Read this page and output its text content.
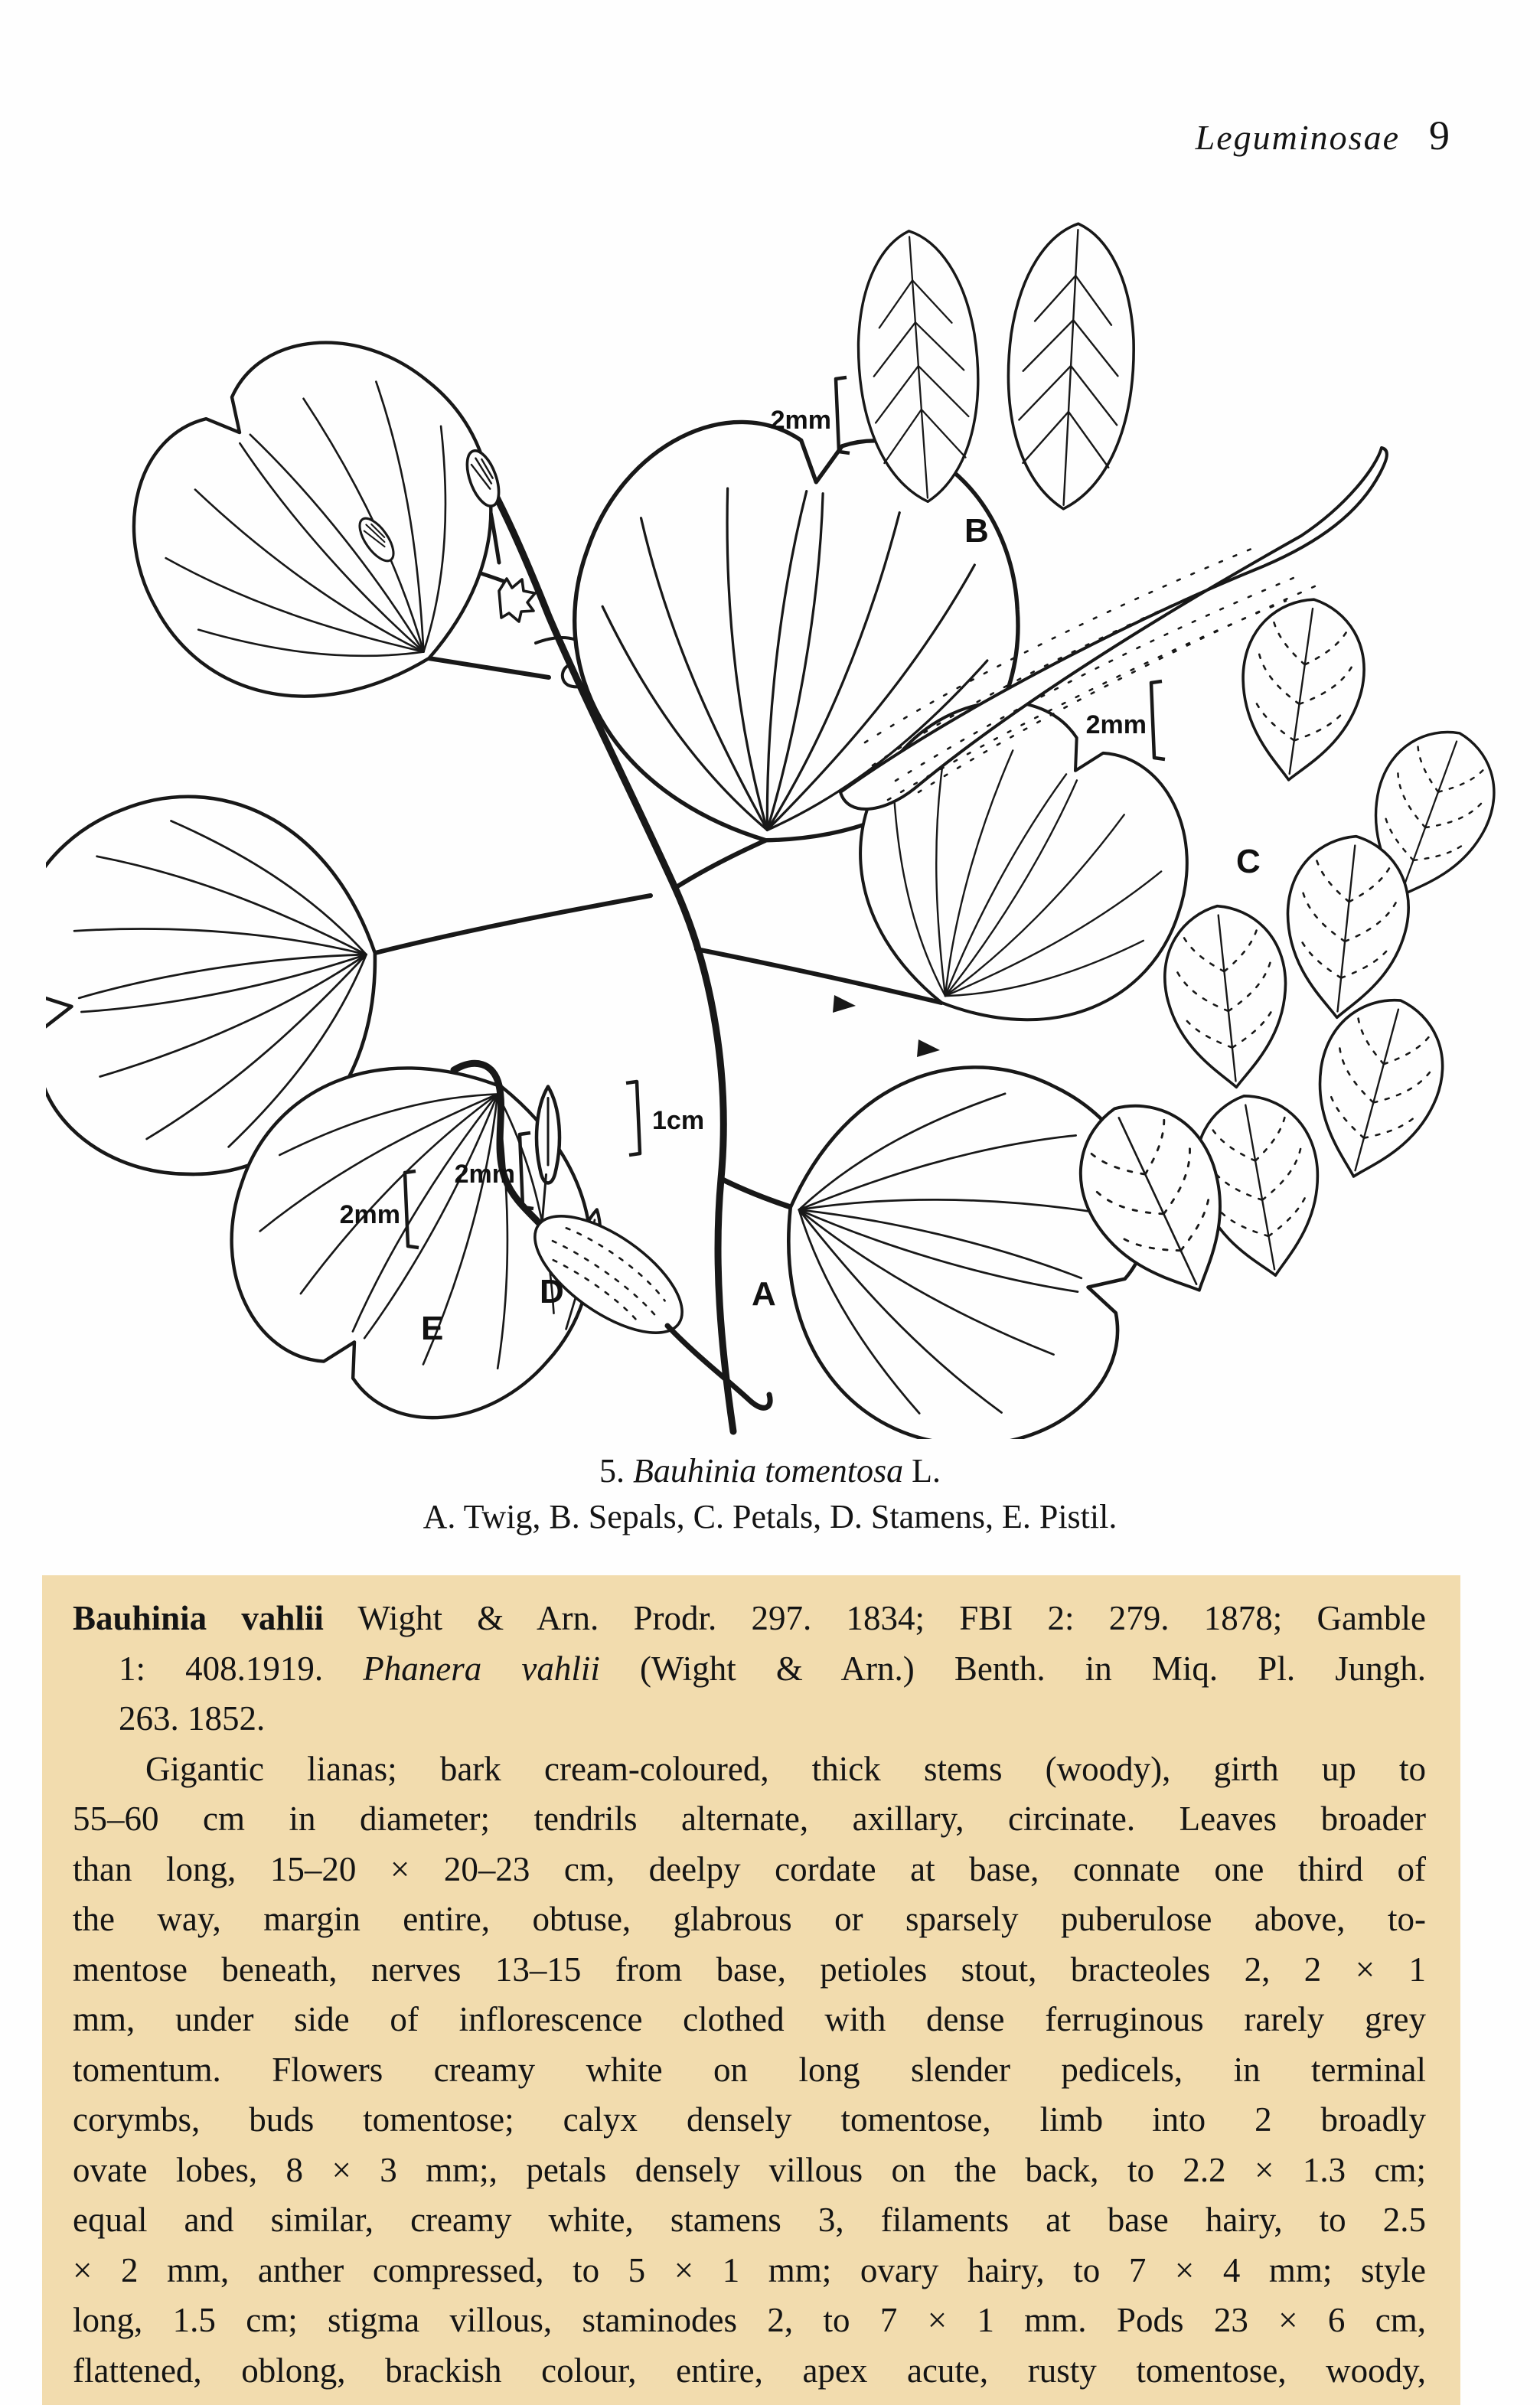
Leguminosae 9
2mm
2mm
1cm
2mm
2mm
A
B
C
D
E
5. Bauhinia tomentosa L.
A. Twig, B. Sepals, C. Petals, D. Stamens, E. Pistil.
Bauhinia vahlii Wight & Arn. Prodr. 297. 1834; FBI 2: 279. 1878; Gamble
1: 408.1919. Phanera vahlii (Wight & Arn.) Benth. in Miq. Pl. Jungh.
263. 1852.
Gigantic lianas; bark cream-coloured, thick stems (woody), girth up to
55–60 cm in diameter; tendrils alternate, axillary, circinate. Leaves broader
than long, 15–20 × 20–23 cm, deelpy cordate at base, connate one third of
the way, margin entire, obtuse, glabrous or sparsely puberulose above, to-
mentose beneath, nerves 13–15 from base, petioles stout, bracteoles 2, 2 × 1
mm, under side of inflorescence clothed with dense ferruginous rarely grey
tomentum. Flowers creamy white on long slender pedicels, in terminal
corymbs, buds tomentose; calyx densely tomentose, limb into 2 broadly
ovate lobes, 8 × 3 mm;, petals densely villous on the back, to 2.2 × 1.3 cm;
equal and similar, creamy white, stamens 3, filaments at base hairy, to 2.5
× 2 mm, anther compressed, to 5 × 1 mm; ovary hairy, to 7 × 4 mm; style
long, 1.5 cm; stigma villous, staminodes 2, to 7 × 1 mm. Pods 23 × 6 cm,
flattened, oblong, brackish colour, entire, apex acute, rusty tomentose, woody,
